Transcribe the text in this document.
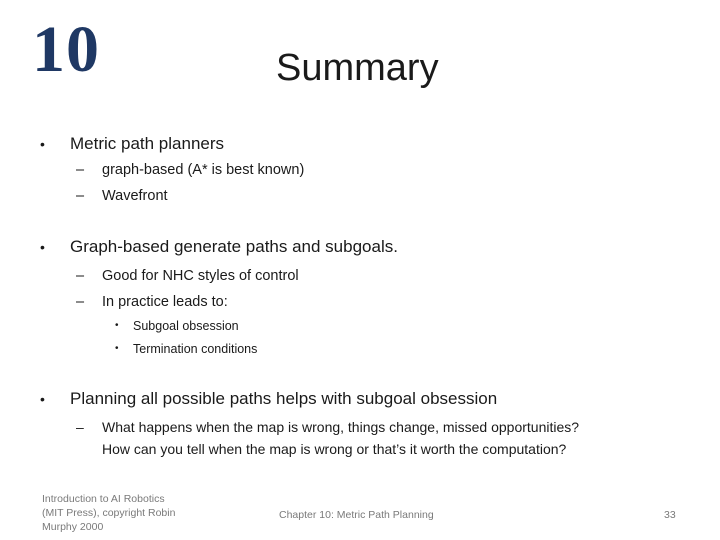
10	Summary
• Metric path planners
– graph-based (A* is best known)
– Wavefront
• Graph-based generate paths and subgoals.
– Good for NHC styles of control
– In practice leads to:
• Subgoal obsession
• Termination conditions
• Planning all possible paths helps with subgoal obsession
– What happens when the map is wrong, things change, missed opportunities?
How can you tell when the map is wrong or that’s it worth the computation?
Introduction to AI Robotics
(MIT Press), copyright Robin
Murphy 2000
Chapter 10: Metric Path Planning	33
